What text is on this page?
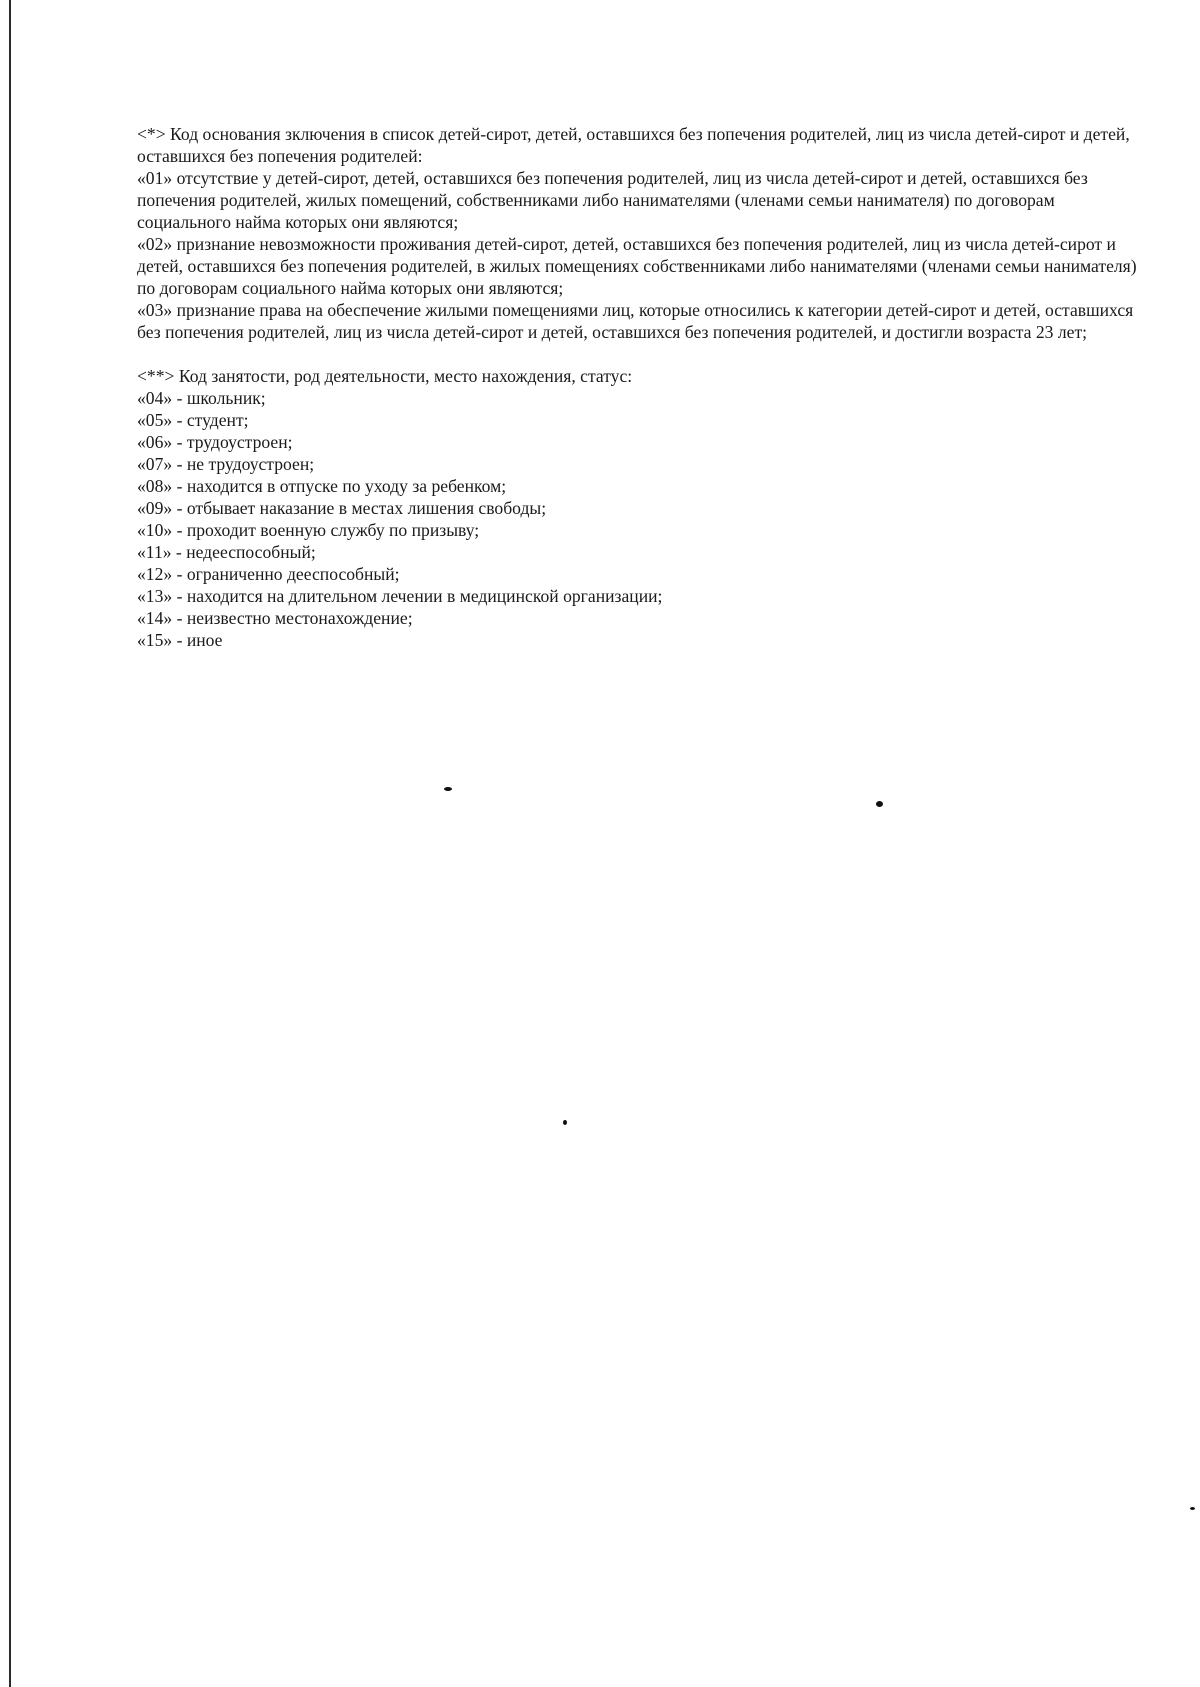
<*> Код основания зключения в список детей-сирот, детей, оставшихся без попечения родителей, лиц из числа детей-сирот и детей, оставшихся без попечения родителей:

«01» отсутствие у детей-сирот, детей, оставшихся без попечения родителей, лиц из числа детей-сирот и детей, оставшихся без попечения родителей, жилых помещений, собственниками либо нанимателями (членами семьи нанимателя) по договорам социального найма которых они являются;

«02» признание невозможности проживания детей-сирот, детей, оставшихся без попечения родителей, лиц из числа детей-сирот и детей, оставшихся без попечения родителей, в жилых помещениях собственниками либо нанимателями (членами семьи нанимателя) по договорам социального найма которых они являются;

«03» признание права на обеспечение жилыми помещениями лиц, которые относились к категории детей-сирот и детей, оставшихся без попечения родителей, лиц из числа детей-сирот и детей, оставшихся без попечения родителей, и достигли возраста 23 лет;

<**> Код занятости, род деятельности, место нахождения, статус:

«04» - школьник;
«05» - студент;
«06» - трудоустроен;
«07» - не трудоустроен;
«08» - находится в отпуске по уходу за ребенком;
«09» - отбывает наказание в местах лишения свободы;
«10» - проходит военную службу по призыву;
«11» - недееспособный;
«12» - ограниченно дееспособный;
«13» - находится на длительном лечении в медицинской организации;
«14» - неизвестно местонахождение;
«15» - иное
